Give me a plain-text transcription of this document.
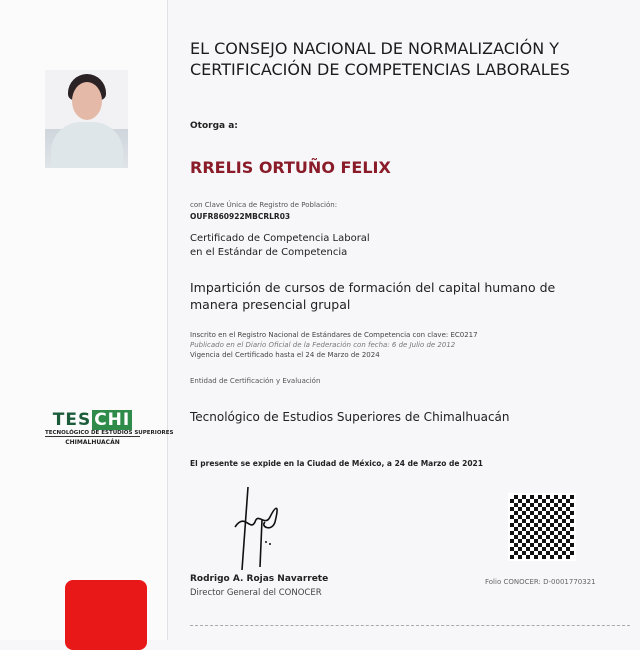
TES CHI
TECNOLÓGICO DE ESTUDIOS SUPERIORES
CHIMALHUACÁN
EL CONSEJO NACIONAL DE NORMALIZACIÓN Y CERTIFICACIÓN DE COMPETENCIAS LABORALES
Otorga a:
RRELIS ORTUÑO FELIX
con Clave Única de Registro de Población:
OUFR860922MBCRLR03
Certificado de Competencia Laboral
en el Estándar de Competencia
Impartición de cursos de formación del capital humano de manera presencial grupal
Inscrito en el Registro Nacional de Estándares de Competencia con clave: EC0217
Publicado en el Diario Oficial de la Federación con fecha: 6 de Julio de 2012
Vigencia del Certificado hasta el 24 de Marzo de 2024
Entidad de Certificación y Evaluación
Tecnológico de Estudios Superiores de Chimalhuacán
El presente se expide en la Ciudad de México, a 24 de Marzo de 2021
Rodrigo A. Rojas Navarrete
Director General del CONOCER
Folio CONOCER: D-0001770321
